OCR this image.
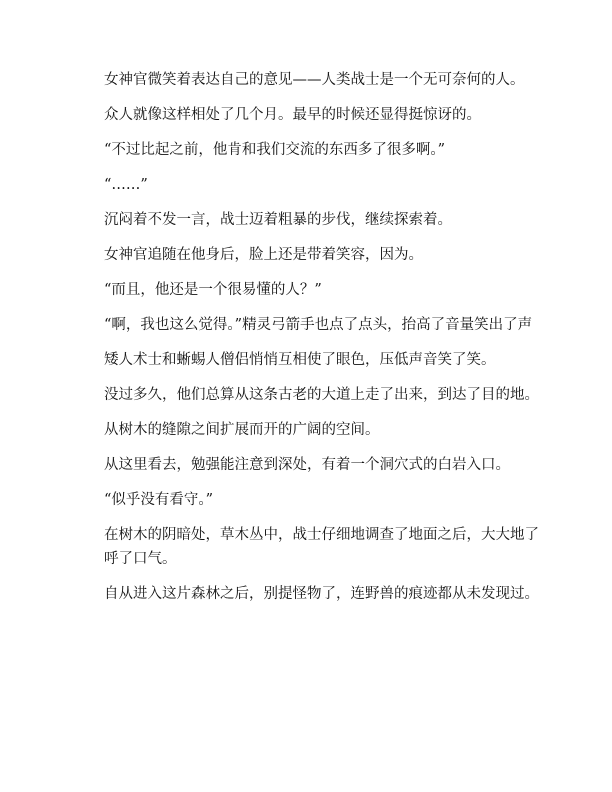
女神官微笑着表达自己的意见——人类战士是一个无可奈何的人。

众人就像这样相处了几个月。最早的时候还显得挺惊讶的。

“不过比起之前，他肯和我们交流的东西多了很多啊。”

“……”

沉闷着不发一言，战士迈着粗暴的步伐，继续探索着。

女神官追随在他身后，脸上还是带着笑容，因为。

“而且，他还是一个很易懂的人？”

“啊，我也这么觉得。”精灵弓箭手也点了点头，抬高了音量笑出了声

矮人术士和蜥蜴人僧侣悄悄互相使了眼色，压低声音笑了笑。

没过多久，他们总算从这条古老的大道上走了出来，到达了目的地。

从树木的缝隙之间扩展而开的广阔的空间。

从这里看去，勉强能注意到深处，有着一个洞穴式的白岩入口。

“似乎没有看守。”

在树木的阴暗处，草木丛中，战士仔细地调查了地面之后，大大地了呼了口气。

自从进入这片森林之后，别提怪物了，连野兽的痕迹都从未发现过。
